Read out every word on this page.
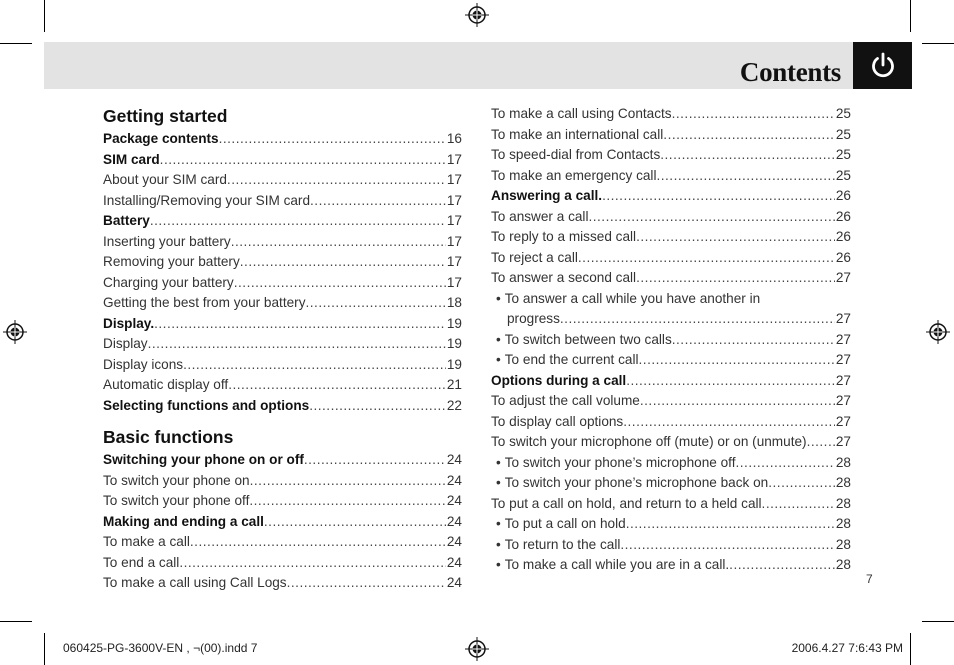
Contents
Getting started
Package contents .....	16
SIM card .....	17
About your SIM card .....	17
Installing/Removing your SIM card .....	17
Battery .....	17
Inserting your battery .....	17
Removing your battery .....	17
Charging your battery .....	17
Getting the best from your battery .....	18
Display. .....	19
Display .....	19
Display icons .....	19
Automatic display off .....	21
Selecting functions and options .....	22
Basic functions
Switching your phone on or off .....	24
To switch your phone on .....	24
To switch your phone off .....	24
Making and ending a call .....	24
To make a call .....	24
To end a call .....	24
To make a call using Call Logs .....	24
To make a call using Contacts .....	25
To make an international call .....	25
To speed-dial from Contacts .....	25
To make an emergency call .....	25
Answering a call. .....	26
To answer a call .....	26
To reply to a missed call .....	26
To reject a call .....	26
To answer a second call .....	27
• To answer a call while you have another in
progress .....	27
• To switch between two calls .....	27
• To end the current call .....	27
Options during a call .....	27
To adjust the call volume .....	27
To display call options .....	27
To switch your microphone off (mute) or on (unmute) ..... 27
• To switch your phone’s microphone off .....	28
• To switch your phone’s microphone back on .....	28
To put a call on hold, and return to a held call .....	28
• To put a call on hold .....	28
• To return to the call .....	28
• To make a call while you are in a call. .....	28
7
060425-PG-3600V-EN , ¬(00).indd 7	2006.4.27 7:6:43 PM
